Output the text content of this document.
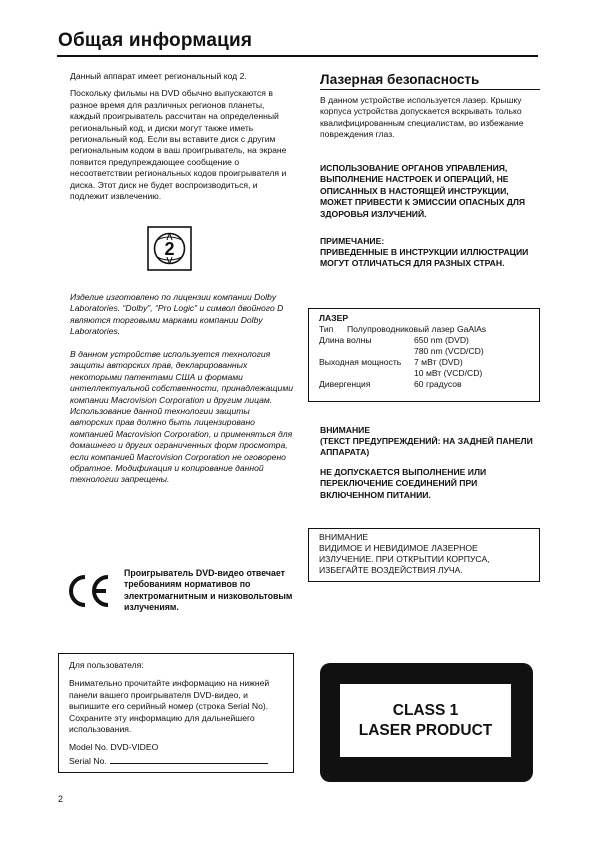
Общая информация

Данный аппарат имеет региональный код 2.

Поскольку фильмы на DVD обычно выпускаются в разное время для различных регионов планеты, каждый проигрыватель рассчитан на определенный региональный код, и диски могут также иметь региональный код. Если вы вставите диск с другим региональным кодом в ваш проигрыватель, на экране появится предупреждающее сообщение о несоответствии региональных кодов проигрывателя и диска. Этот диск не будет воспроизводиться, и подлежит извлечению.

2

Изделие изготовлено по лицензии компании Dolby Laboratories. “Dolby”, “Pro Logic” и символ двойного D являются торговыми марками компании Dolby Laboratories.

В данном устройстве используется технология защиты авторских прав, декларированных некоторыми патентами США и формами интеллектуальной собственности, принадлежащими компании Macrovision Corporation и другим лицам. Использование данной технологии защиты авторских прав должно быть лицензировано компанией Macrovision Corporation, и применяться для домашнего и других ограниченных форм просмотра, если компанией Macrovision Corporation не оговорено обратное. Модификация и копирование данной технологии запрещены.

Проигрыватель DVD-видео отвечает требованиям нормативов по электромагнитным и низковольтовым излучениям.
Лазерная безопасность

В данном устройстве используется лазер. Крышку корпуса устройства допускается вскрывать только квалифицированным специалистам, во избежание повреждения глаз.

ИСПОЛЬЗОВАНИЕ ОРГАНОВ УПРАВЛЕНИЯ, ВЫПОЛНЕНИЕ НАСТРОЕК И ОПЕРАЦИЙ, НЕ ОПИСАННЫХ В НАСТОЯЩЕЙ ИНСТРУКЦИИ, МОЖЕТ ПРИВЕСТИ К ЭМИССИИ ОПАСНЫХ ДЛЯ ЗДОРОВЬЯ ИЗЛУЧЕНИЙ.

ПРИМЕЧАНИЕ:

ПРИВЕДЕННЫЕ В ИНСТРУКЦИИ ИЛЛЮСТРАЦИИ МОГУТ ОТЛИЧАТЬСЯ ДЛЯ РАЗНЫХ СТРАН.

ЛАЗЕР
Тип	Полупроводниковый лазер GaAlAs
Длина волны	650 nm (DVD)
780 nm (VCD/CD)
Выходная мощность	7 мВт (DVD)
10 мВт (VCD/CD)
Дивергенция	60 градусов

ВНИМАНИЕ

(ТЕКСТ ПРЕДУПРЕЖДЕНИЙ: НА ЗАДНЕЙ ПАНЕЛИ АППАРАТА)

НЕ ДОПУСКАЕТСЯ ВЫПОЛНЕНИЕ ИЛИ ПЕРЕКЛЮЧЕНИЕ СОЕДИНЕНИЙ ПРИ ВКЛЮЧЕННОМ ПИТАНИИ.

ВНИМАНИЕ
ВИДИМОЕ И НЕВИДИМОЕ ЛАЗЕРНОЕ ИЗЛУЧЕНИЕ. ПРИ ОТКРЫТИИ КОРПУСА, ИЗБЕГАЙТЕ ВОЗДЕЙСТВИЯ ЛУЧА.

Для пользователя:

Внимательно прочитайте информацию на нижней панели вашего проигрывателя DVD-видео, и выпишите его серийный номер (строка Serial No). Сохраните эту информацию для дальнейшего использования.

Model No. DVD-VIDEO
Serial No.
CLASS 1
LASER PRODUCT
2
